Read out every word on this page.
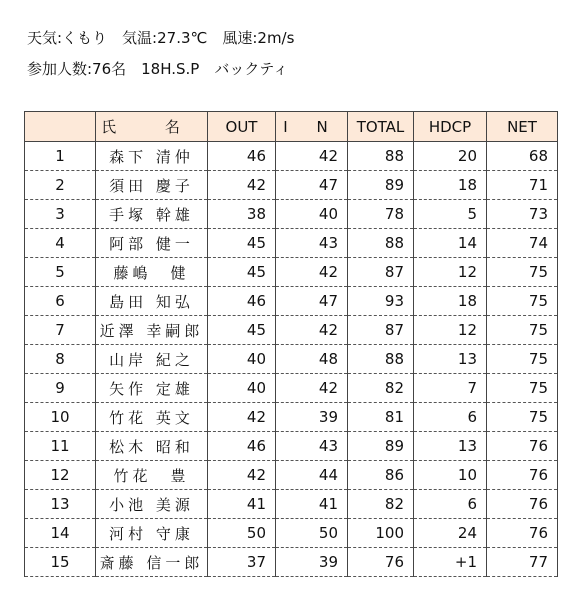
天気:くもり　気温:27.3℃　風速:2m/s
参加人数:76名　18H.S.P　バックティ
	氏 名	OUT	I N	TOTAL	HDCP	NET
1	森下 清仲	46	42	88	20	68
2	須田 慶子	42	47	89	18	71
3	手塚 幹雄	38	40	78	5	73
4	阿部 健一	45	43	88	14	74
5	藤嶋　健	45	42	87	12	75
6	島田 知弘	46	47	93	18	75
7	近澤 幸嗣郎	45	42	87	12	75
8	山岸 紀之	40	48	88	13	75
9	矢作 定雄	40	42	82	7	75
10	竹花 英文	42	39	81	6	75
11	松木 昭和	46	43	89	13	76
12	竹花　豊	42	44	86	10	76
13	小池 美源	41	41	82	6	76
14	河村 守康	50	50	100	24	76
15	斎藤 信一郎	37	39	76	+1	77
